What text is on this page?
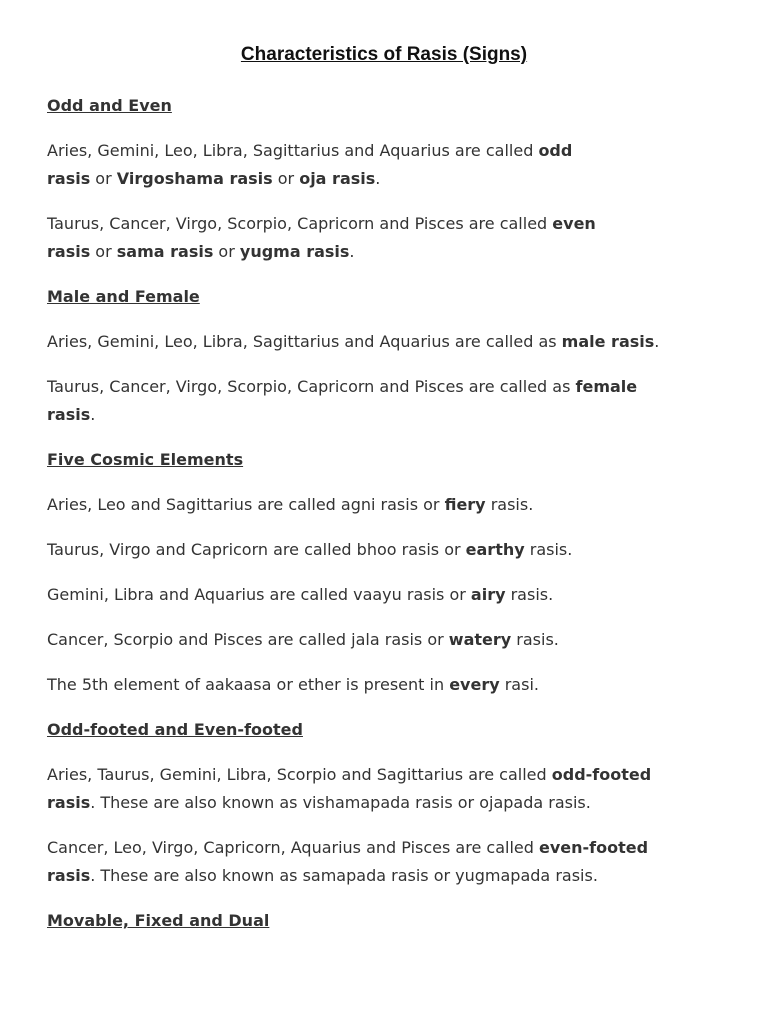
Characteristics of Rasis (Signs)
Odd and Even
Aries, Gemini, Leo, Libra, Sagittarius and Aquarius are called odd
rasis or Virgoshama rasis or oja rasis.
Taurus, Cancer, Virgo, Scorpio, Capricorn and Pisces are called even
rasis or sama rasis or yugma rasis.
Male and Female
Aries, Gemini, Leo, Libra, Sagittarius and Aquarius are called as male rasis.
Taurus, Cancer, Virgo, Scorpio, Capricorn and Pisces are called as female
rasis.
Five Cosmic Elements
Aries, Leo and Sagittarius are called agni rasis or fiery rasis.
Taurus, Virgo and Capricorn are called bhoo rasis or earthy rasis.
Gemini, Libra and Aquarius are called vaayu rasis or airy rasis.
Cancer, Scorpio and Pisces are called jala rasis or watery rasis.
The 5th element of aakaasa or ether is present in every rasi.
Odd-footed and Even-footed
Aries, Taurus, Gemini, Libra, Scorpio and Sagittarius are called odd-footed
rasis. These are also known as vishamapada rasis or ojapada rasis.
Cancer, Leo, Virgo, Capricorn, Aquarius and Pisces are called even-footed
rasis. These are also known as samapada rasis or yugmapada rasis.
Movable, Fixed and Dual
